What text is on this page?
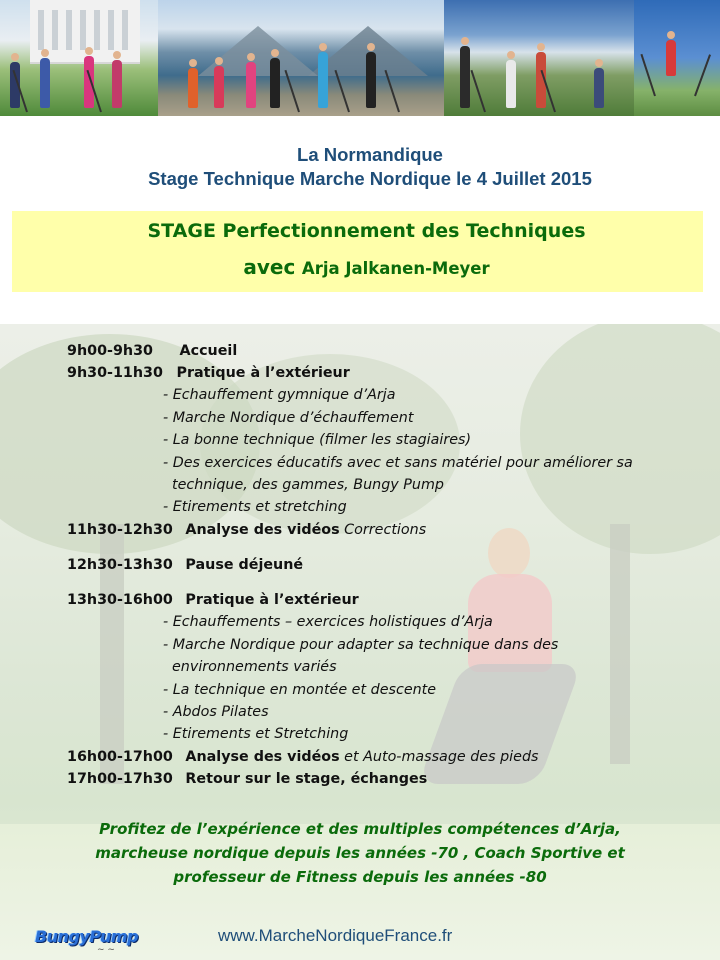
La Normandique
Stage Technique Marche Nordique le 4 Juillet 2015
STAGE Perfectionnement des Techniques
avec Arja Jalkanen-Meyer
9h00-9h30 Accueil
9h30-11h30 Pratique à l’extérieur
- Echauffement gymnique d’Arja
- Marche Nordique d’échauffement
- La bonne technique (filmer les stagiaires)
- Des exercices éducatifs avec et sans matériel pour améliorer sa
technique, des gammes, Bungy Pump
- Etirements et stretching
11h30-12h30 Analyse des vidéos Corrections
12h30-13h30 Pause déjeuné
13h30-16h00 Pratique à l’extérieur
- Echauffements – exercices holistiques d’Arja
- Marche Nordique pour adapter sa technique dans des
environnements variés
- La technique en montée et descente
- Abdos Pilates
- Etirements et Stretching
16h00-17h00 Analyse des vidéos et Auto-massage des pieds
17h00-17h30 Retour sur le stage, échanges
Profitez de l’expérience et des multiples compétences d’Arja,
marcheuse nordique depuis les années -70 , Coach Sportive et
professeur de Fitness depuis les années -80
BungyPump
~ ~
www.MarcheNordiqueFrance.fr
